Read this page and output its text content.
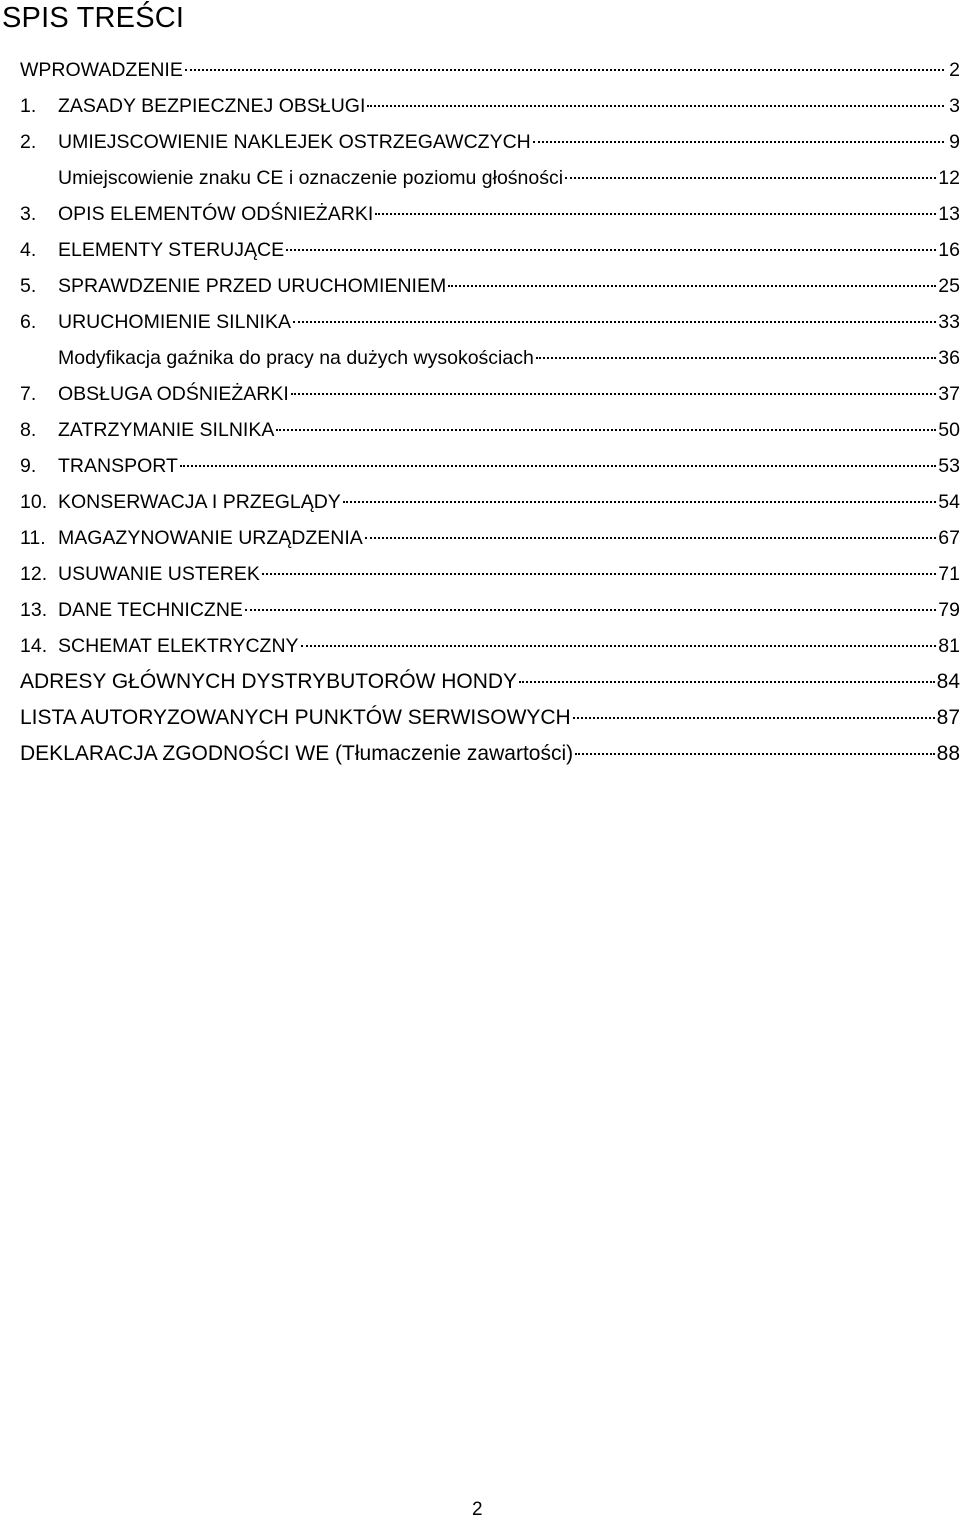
SPIS TREŚCI
WPROWADZENIE	2
1.	ZASADY BEZPIECZNEJ OBSŁUGI	3
2.	UMIEJSCOWIENIE NAKLEJEK OSTRZEGAWCZYCH	9
Umiejscowienie znaku CE i oznaczenie poziomu głośności	12
3.	OPIS ELEMENTÓW ODŚNIEŻARKI	13
4.	ELEMENTY STERUJĄCE	16
5.	SPRAWDZENIE PRZED URUCHOMIENIEM	25
6.	URUCHOMIENIE SILNIKA	33
Modyfikacja gaźnika do pracy na dużych wysokościach	36
7.	OBSŁUGA ODŚNIEŻARKI	37
8.	ZATRZYMANIE SILNIKA	50
9.	TRANSPORT	53
10. KONSERWACJA I PRZEGLĄDY	54
11. MAGAZYNOWANIE URZĄDZENIA	67
12. USUWANIE USTEREK	71
13. DANE TECHNICZNE	79
14. SCHEMAT ELEKTRYCZNY	81
ADRESY GŁÓWNYCH DYSTRYBUTORÓW HONDY	84
LISTA AUTORYZOWANYCH PUNKTÓW SERWISOWYCH	87
DEKLARACJA ZGODNOŚCI WE (Tłumaczenie zawartości)	88
2
